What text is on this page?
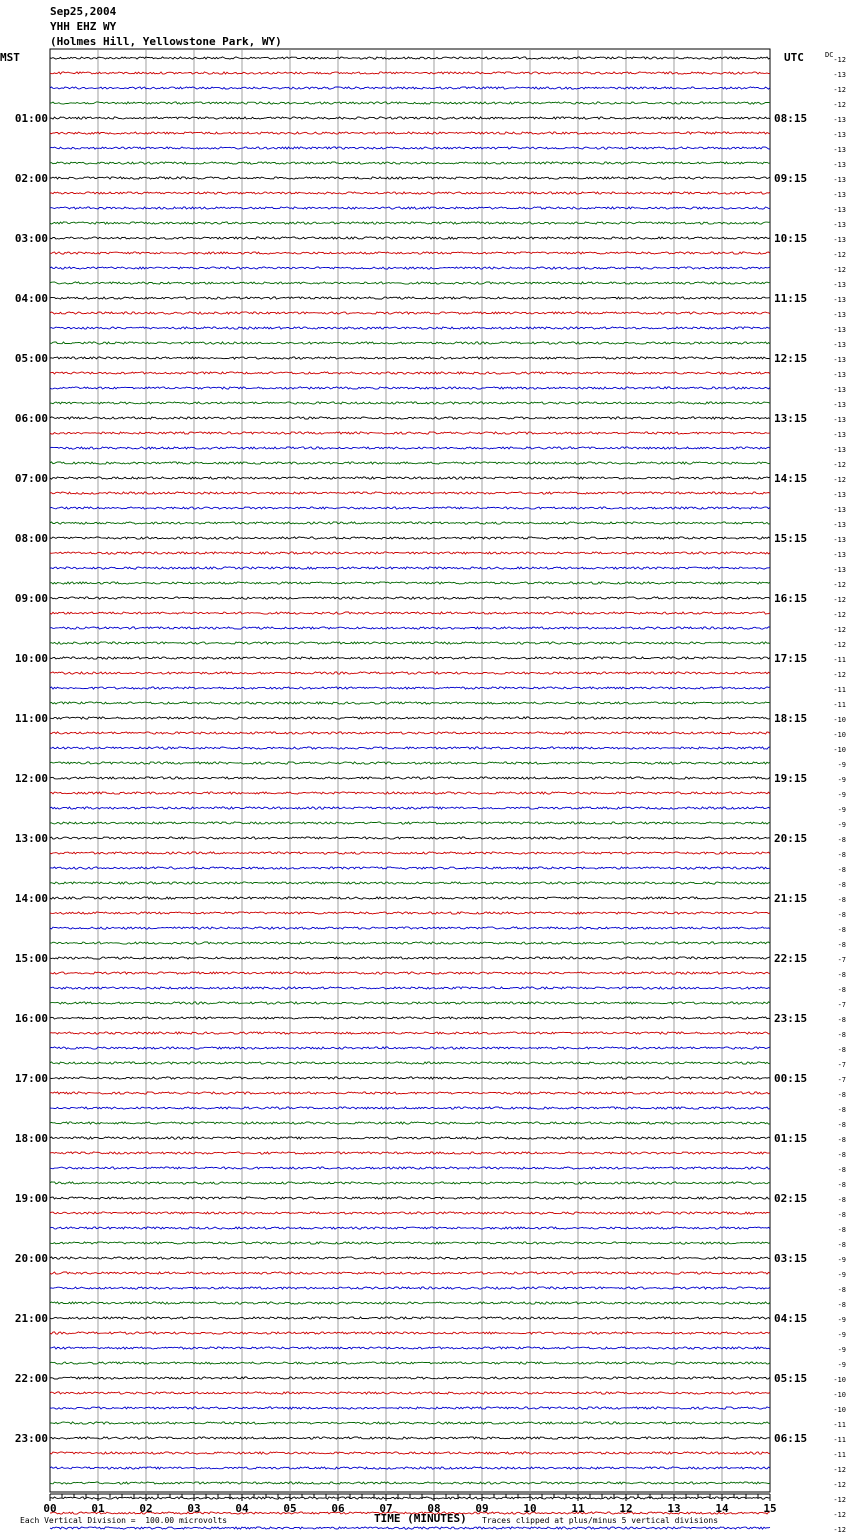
Sep25,2004
YHH EHZ WY
(Holmes Hill, Yellowstone Park, WY)
-12
-13
-12
-12
-13
-13
-13
-13
-13
-13
-13
-13
-13
-12
-12
-13
-13
-13
-13
-13
-13
-13
-13
-13
-13
-13
-13
-12
-12
-13
-13
-13
-13
-13
-13
-12
-12
-12
-12
-12
-11
-12
-11
-11
-10
-10
-10
-9
-9
-9
-9
-9
-8
-8
-8
-8
-8
-8
-8
-8
-7
-8
-8
-7
-8
-8
-8
-7
-7
-8
-8
-8
-8
-8
-8
-8
-8
-8
-8
-8
-9
-9
-8
-8
-9
-9
-9
-9
-10
-10
-10
-11
-11
-11
-12
-12
-12
-12
-12
MST	UTC	DC
01:00
02:00
03:00
04:00
05:00
06:00
07:00
08:00
09:00
10:00
11:00
12:00
13:00
14:00
15:00
16:00
17:00
18:00
19:00
20:00
21:00
22:00
23:00
08:15
09:15
10:15
11:15
12:15
13:15
14:15
15:15
16:15
17:15
18:15
19:15
20:15
21:15
22:15
23:15
00:15
01:15
02:15
03:15
04:15
05:15
06:15
00	01	02	03	04	05	06	07	08	09	10	11	12	13	14	15
Each Vertical Division =  100.00 microvolts	Traces clipped at plus/minus 5 vertical divisions
TIME (MINUTES)
